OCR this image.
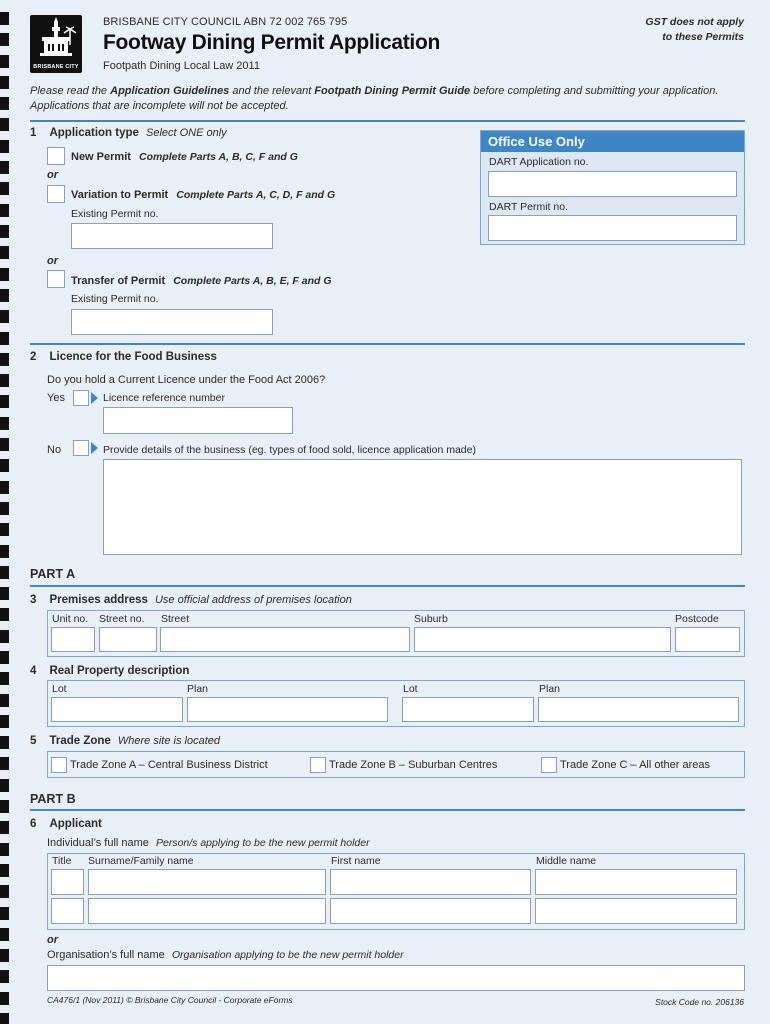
BRISBANE CITY
BRISBANE CITY COUNCIL ABN 72 002 765 795
Footway Dining Permit Application
Footpath Dining Local Law 2011
GST does not apply
to these Permits
Please read the Application Guidelines and the relevant Footpath Dining Permit Guide before completing and submitting your application.
Applications that are incomplete will not be accepted.
1 Application type Select ONE only
New Permit Complete Parts A, B, C, F and G
or
Variation to Permit Complete Parts A, C, D, F and G
Existing Permit no.
or
Transfer of Permit Complete Parts A, B, E, F and G
Existing Permit no.
Office Use Only
DART Application no.
DART Permit no.
2 Licence for the Food Business
Do you hold a Current Licence under the Food Act 2006?
Yes	Licence reference number
No	Provide details of the business (eg. types of food sold, licence application made)
PART A
3 Premises address Use official address of premises location
Unit no. Street no. Street	Suburb	Postcode
4 Real Property description
Lot	Plan	Lot	Plan
5 Trade Zone Where site is located
Trade Zone A – Central Business District	Trade Zone B – Suburban Centres	Trade Zone C – All other areas
PART B
6 Applicant
Individual’s full name Person/s applying to be the new permit holder
Title Surname/Family name	First name	Middle name
or
Organisation’s full name Organisation applying to be the new permit holder
CA476/1 (Nov 2011) © Brisbane City Council - Corporate eForms	Stock Code no. 206136
